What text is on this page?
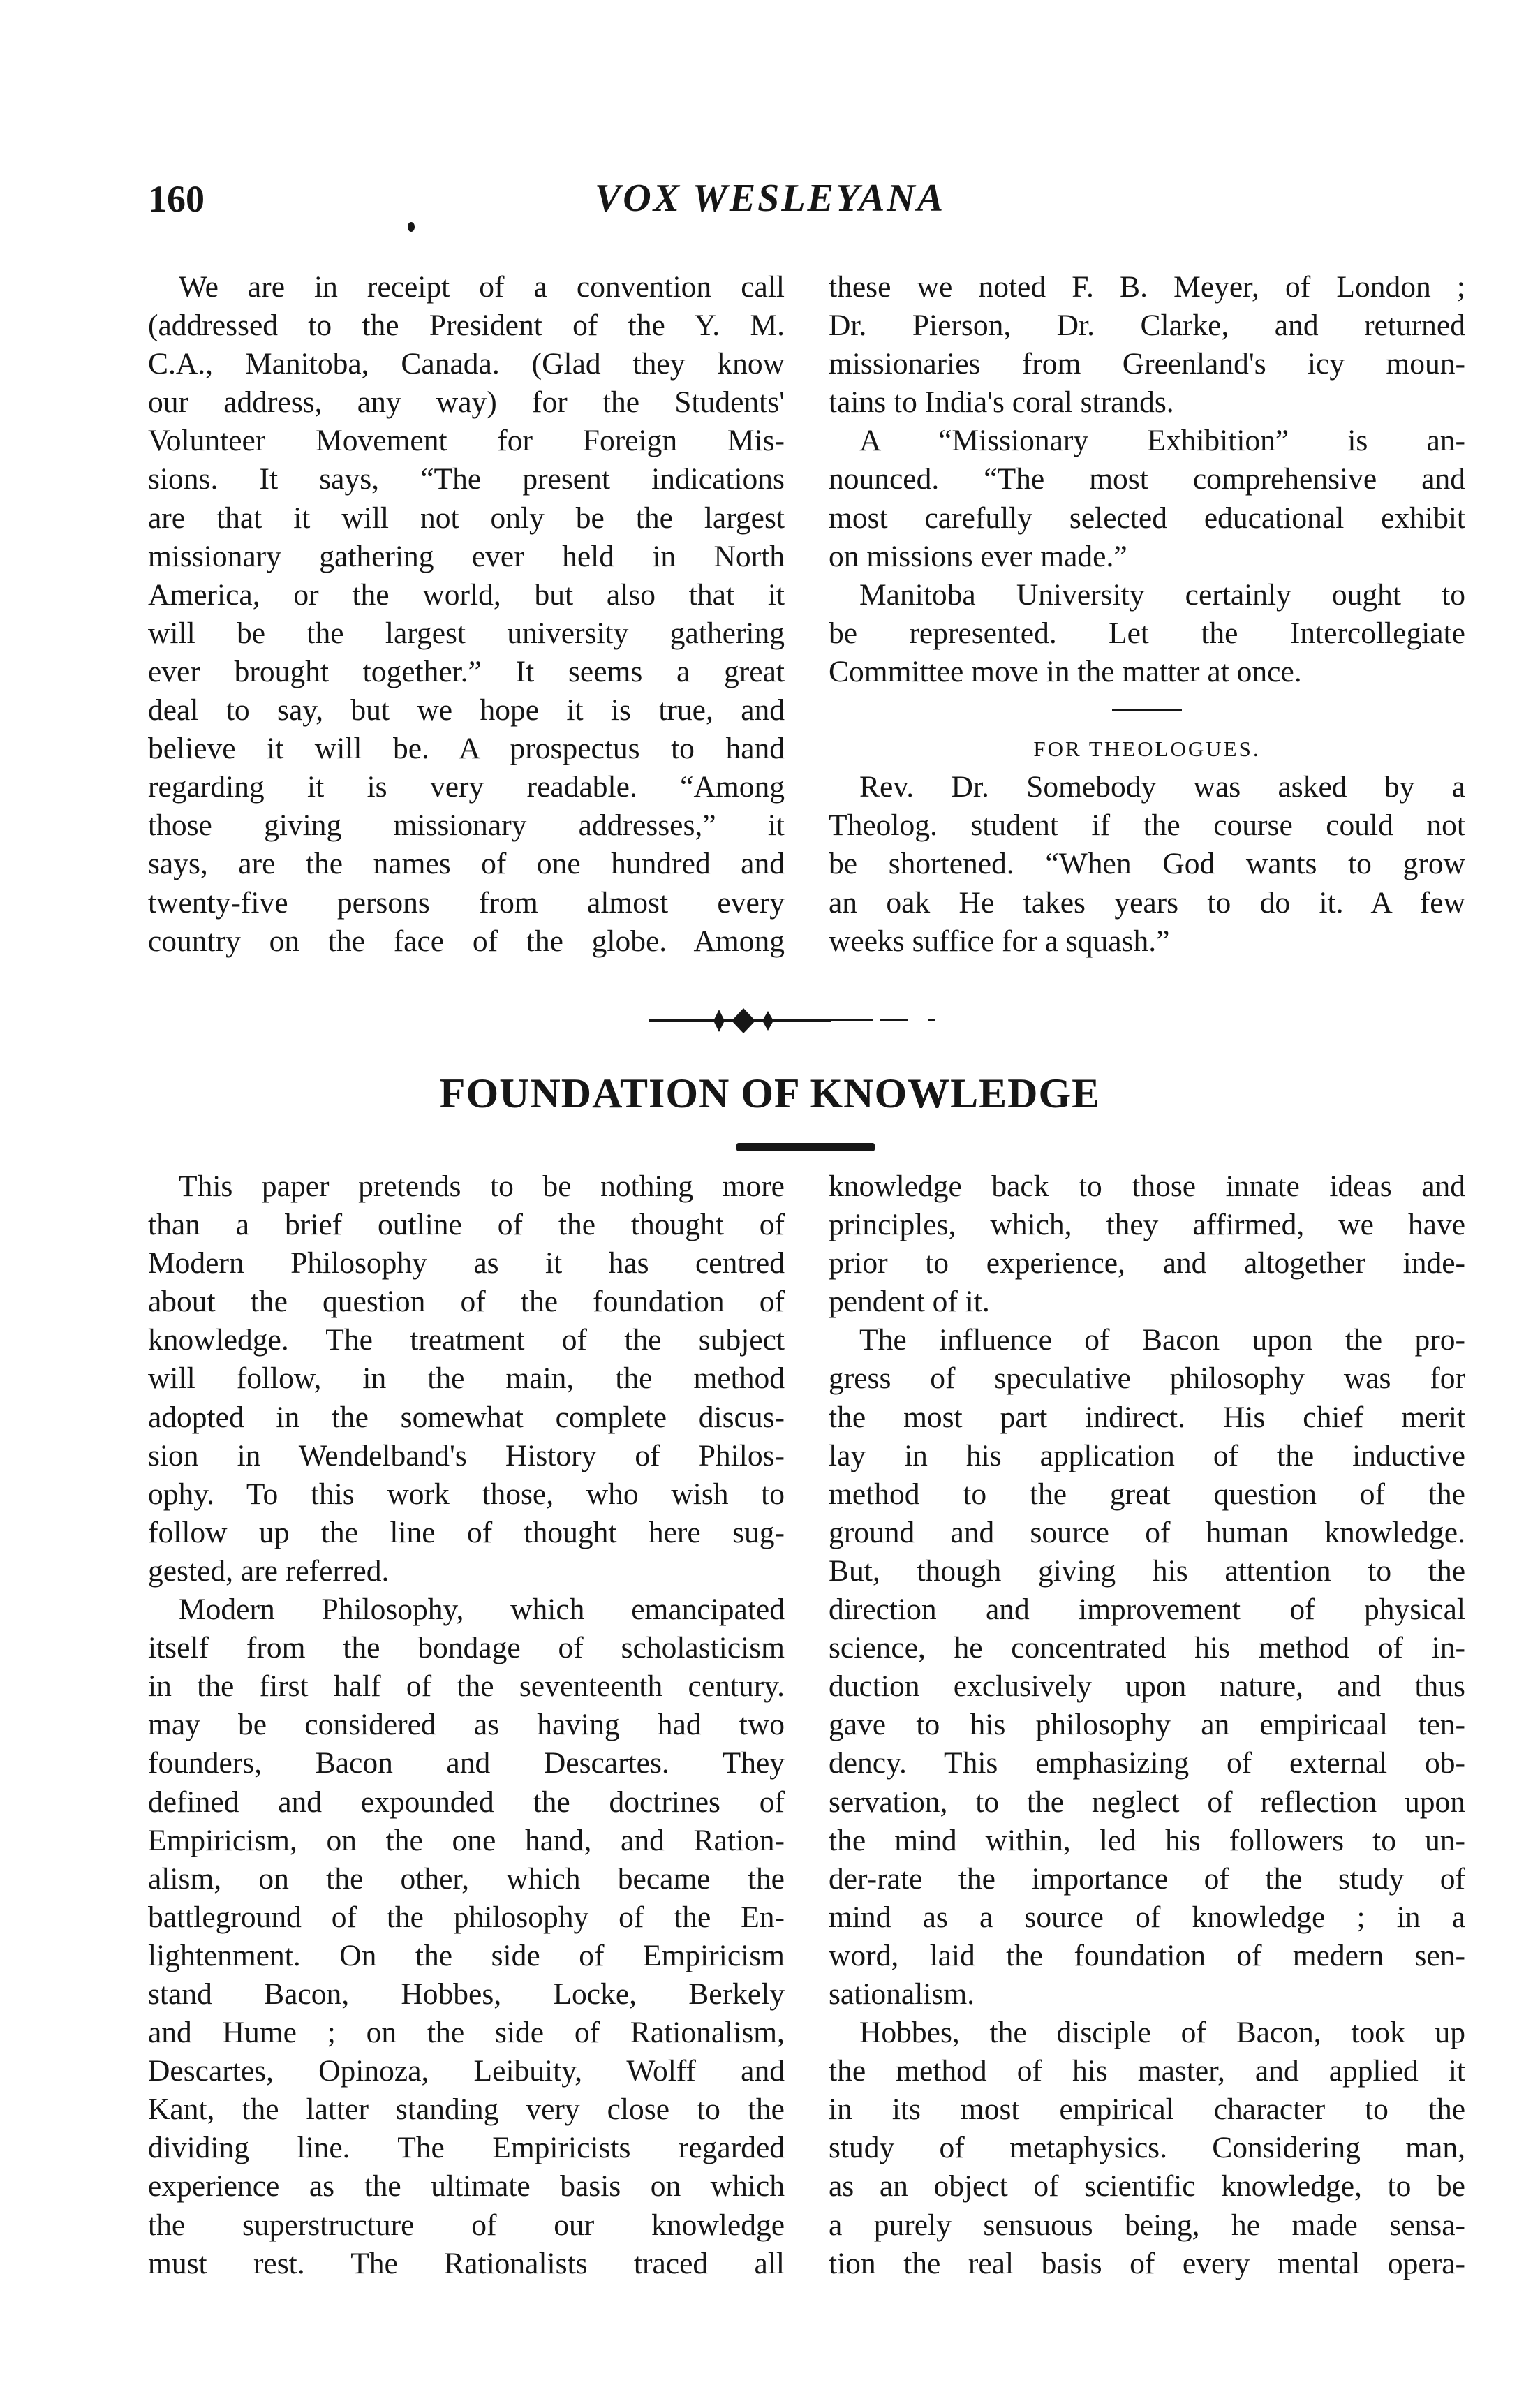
160	VOX WESLEYANA
We are in receipt of a convention call
(addressed to the President of the Y. M.
C.A., Manitoba, Canada. (Glad they know
our address, any way) for the Students'
Volunteer Movement for Foreign Mis-
sions. It says, “The present indications
are that it will not only be the largest
missionary gathering ever held in North
America, or the world, but also that it
will be the largest university gathering
ever brought together.” It seems a great
deal to say, but we hope it is true, and
believe it will be. A prospectus to hand
regarding it is very readable. “Among
those giving missionary addresses,” it
says, are the names of one hundred and
twenty-five persons from almost every
country on the face of the globe. Among
these we noted F. B. Meyer, of London ;
Dr. Pierson, Dr. Clarke, and returned
missionaries from Greenland's icy moun-
tains to India's coral strands.
A “Missionary Exhibition” is an-
nounced. “The most comprehensive and
most carefully selected educational exhibit
on missions ever made.”
Manitoba University certainly ought to
be represented. Let the Intercollegiate
Committee move in the matter at once.
FOR THEOLOGUES.
Rev. Dr. Somebody was asked by a
Theolog. student if the course could not
be shortened. “When God wants to grow
an oak He takes years to do it. A few
weeks suffice for a squash.”
FOUNDATION OF KNOWLEDGE
This paper pretends to be nothing more
than a brief outline of the thought of
Modern Philosophy as it has centred
about the question of the foundation of
knowledge. The treatment of the subject
will follow, in the main, the method
adopted in the somewhat complete discus-
sion in Wendelband's History of Philos-
ophy. To this work those, who wish to
follow up the line of thought here sug-
gested, are referred.
Modern Philosophy, which emancipated
itself from the bondage of scholasticism
in the first half of the seventeenth century.
may be considered as having had two
founders, Bacon and Descartes. They
defined and expounded the doctrines of
Empiricism, on the one hand, and Ration-
alism, on the other, which became the
battleground of the philosophy of the En-
lightenment. On the side of Empiricism
stand Bacon, Hobbes, Locke, Berkely
and Hume ; on the side of Rationalism,
Descartes, Opinoza, Leibuity, Wolff and
Kant, the latter standing very close to the
dividing line. The Empiricists regarded
experience as the ultimate basis on which
the superstructure of our knowledge
must rest. The Rationalists traced all
knowledge back to those innate ideas and
principles, which, they affirmed, we have
prior to experience, and altogether inde-
pendent of it.
The influence of Bacon upon the pro-
gress of speculative philosophy was for
the most part indirect. His chief merit
lay in his application of the inductive
method to the great question of the
ground and source of human knowledge.
But, though giving his attention to the
direction and improvement of physical
science, he concentrated his method of in-
duction exclusively upon nature, and thus
gave to his philosophy an empiricaal ten-
dency. This emphasizing of external ob-
servation, to the neglect of reflection upon
the mind within, led his followers to un-
der-rate the importance of the study of
mind as a source of knowledge ; in a
word, laid the foundation of medern sen-
sationalism.
Hobbes, the disciple of Bacon, took up
the method of his master, and applied it
in its most empirical character to the
study of metaphysics. Considering man,
as an object of scientific knowledge, to be
a purely sensuous being, he made sensa-
tion the real basis of every mental opera-
